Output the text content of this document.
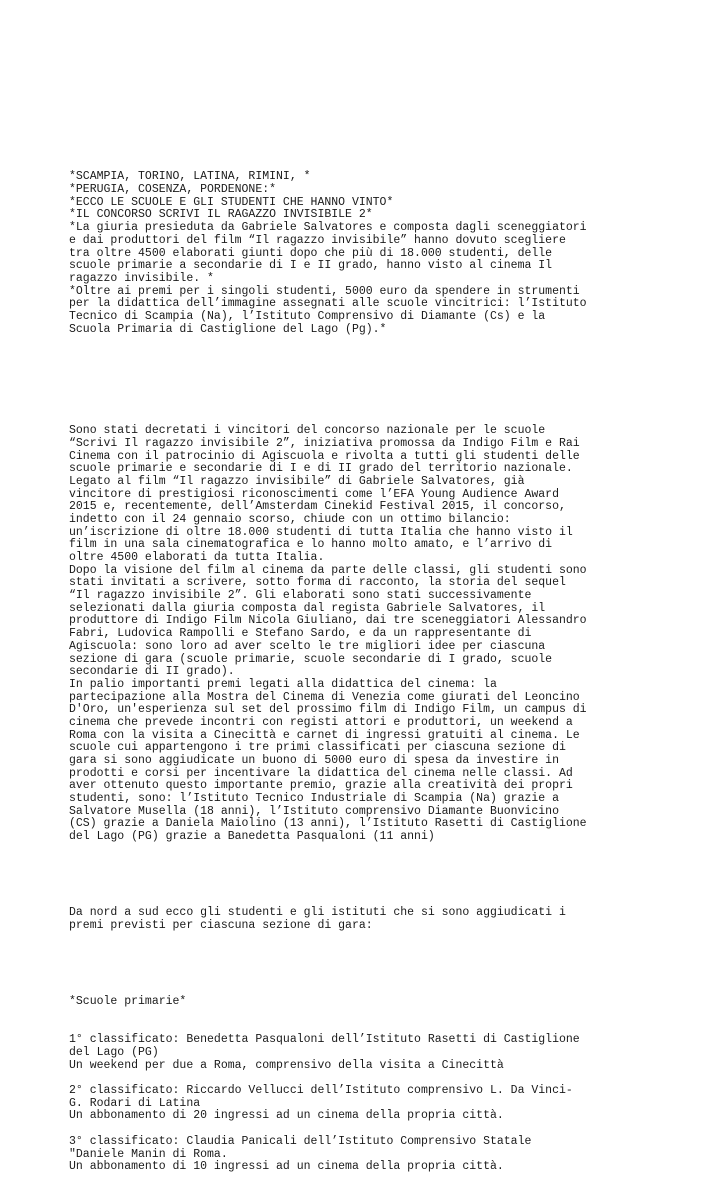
*SCAMPIA, TORINO, LATINA, RIMINI, *
*PERUGIA, COSENZA, PORDENONE:*
*ECCO LE SCUOLE E GLI STUDENTI CHE HANNO VINTO*
*IL CONCORSO SCRIVI IL RAGAZZO INVISIBILE 2*
*La giuria presieduta da Gabriele Salvatores e composta dagli sceneggiatori
e dai produttori del film “Il ragazzo invisibile” hanno dovuto scegliere
tra oltre 4500 elaborati giunti dopo che più di 18.000 studenti, delle
scuole primarie a secondarie di I e II grado, hanno visto al cinema Il
ragazzo invisibile. *
*Oltre ai premi per i singoli studenti, 5000 euro da spendere in strumenti
per la didattica dell’immagine assegnati alle scuole vincitrici: l’Istituto
Tecnico di Scampia (Na), l’Istituto Comprensivo di Diamante (Cs) e la
Scuola Primaria di Castiglione del Lago (Pg).*

Sono stati decretati i vincitori del concorso nazionale per le scuole
“Scrivi Il ragazzo invisibile 2”, iniziativa promossa da Indigo Film e Rai
Cinema con il patrocinio di Agiscuola e rivolta a tutti gli studenti delle
scuole primarie e secondarie di I e di II grado del territorio nazionale.
Legato al film “Il ragazzo invisibile” di Gabriele Salvatores, già
vincitore di prestigiosi riconoscimenti come l’EFA Young Audience Award
2015 e, recentemente, dell’Amsterdam Cinekid Festival 2015, il concorso,
indetto con il 24 gennaio scorso, chiude con un ottimo bilancio:
un’iscrizione di oltre 18.000 studenti di tutta Italia che hanno visto il
film in una sala cinematografica e lo hanno molto amato, e l’arrivo di
oltre 4500 elaborati da tutta Italia.
Dopo la visione del film al cinema da parte delle classi, gli studenti sono
stati invitati a scrivere, sotto forma di racconto, la storia del sequel
“Il ragazzo invisibile 2”. Gli elaborati sono stati successivamente
selezionati dalla giuria composta dal regista Gabriele Salvatores, il
produttore di Indigo Film Nicola Giuliano, dai tre sceneggiatori Alessandro
Fabri, Ludovica Rampolli e Stefano Sardo, e da un rappresentante di
Agiscuola: sono loro ad aver scelto le tre migliori idee per ciascuna
sezione di gara (scuole primarie, scuole secondarie di I grado, scuole
secondarie di II grado).
In palio importanti premi legati alla didattica del cinema: la
partecipazione alla Mostra del Cinema di Venezia come giurati del Leoncino
D'Oro, un'esperienza sul set del prossimo film di Indigo Film, un campus di
cinema che prevede incontri con registi attori e produttori, un weekend a
Roma con la visita a Cinecittà e carnet di ingressi gratuiti al cinema. Le
scuole cui appartengono i tre primi classificati per ciascuna sezione di
gara si sono aggiudicate un buono di 5000 euro di spesa da investire in
prodotti e corsi per incentivare la didattica del cinema nelle classi. Ad
aver ottenuto questo importante premio, grazie alla creatività dei propri
studenti, sono: l’Istituto Tecnico Industriale di Scampia (Na) grazie a
Salvatore Musella (18 anni), l’Istituto comprensivo Diamante Buonvicino
(CS) grazie a Daniela Maiolino (13 anni), l’Istituto Rasetti di Castiglione
del Lago (PG) grazie a Banedetta Pasqualoni (11 anni)

Da nord a sud ecco gli studenti e gli istituti che si sono aggiudicati i
premi previsti per ciascuna sezione di gara:

*Scuole primarie*

1° classificato: Benedetta Pasqualoni dell’Istituto Rasetti di Castiglione
del Lago (PG)
Un weekend per due a Roma, comprensivo della visita a Cinecittà
2° classificato: Riccardo Vellucci dell’Istituto comprensivo L. Da Vinci-
G. Rodari di Latina
Un abbonamento di 20 ingressi ad un cinema della propria città.
3° classificato: Claudia Panicali dell’Istituto Comprensivo Statale
"Daniele Manin di Roma.
Un abbonamento di 10 ingressi ad un cinema della propria città.
